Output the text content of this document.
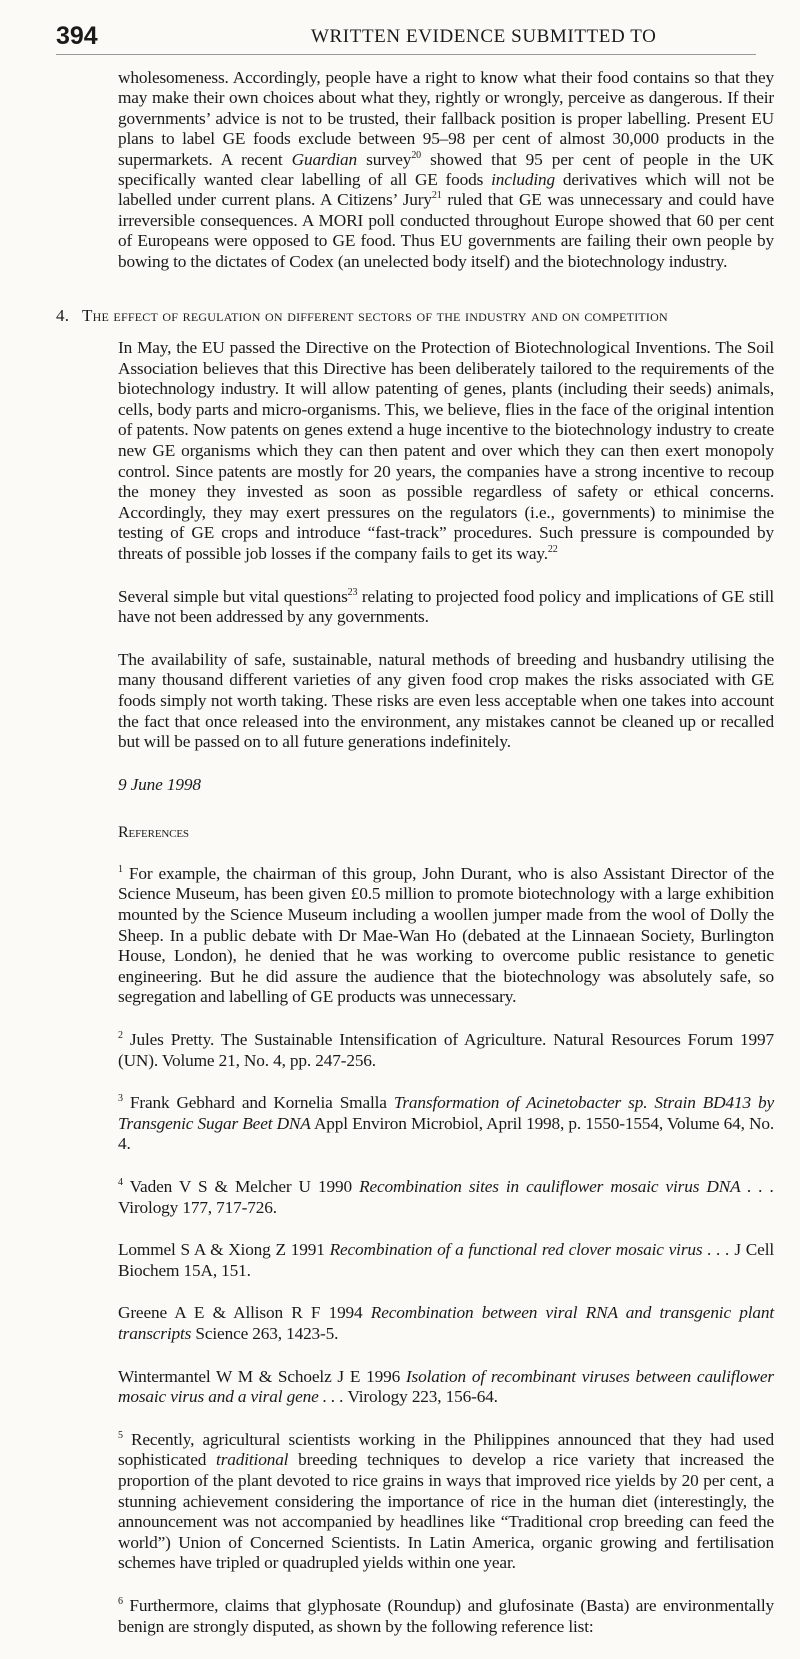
394	WRITTEN EVIDENCE SUBMITTED TO

wholesomeness. Accordingly, people have a right to know what their food contains so that they may make their own choices about what they, rightly or wrongly, perceive as dangerous. If their governments’ advice is not to be trusted, their fallback position is proper labelling. Present EU plans to label GE foods exclude between 95–98 per cent of almost 30,000 products in the supermarkets. A recent Guardian survey$^{20}$ showed that 95 per cent of people in the UK specifically wanted clear labelling of all GE foods including derivatives which will not be labelled under current plans. A Citizens’ Jury$^{21}$ ruled that GE was unnecessary and could have irreversible consequences. A MORI poll conducted throughout Europe showed that 60 per cent of Europeans were opposed to GE food. Thus EU governments are failing their own people by bowing to the dictates of Codex (an unelected body itself) and the biotechnology industry.

4. The effect of regulation on different sectors of the industry and on competition

In May, the EU passed the Directive on the Protection of Biotechnological Inventions. The Soil Association believes that this Directive has been deliberately tailored to the requirements of the biotechnology industry. It will allow patenting of genes, plants (including their seeds) animals, cells, body parts and micro-organisms. This, we believe, flies in the face of the original intention of patents. Now patents on genes extend a huge incentive to the biotechnology industry to create new GE organisms which they can then patent and over which they can then exert monopoly control. Since patents are mostly for 20 years, the companies have a strong incentive to recoup the money they invested as soon as possible regardless of safety or ethical concerns. Accordingly, they may exert pressures on the regulators (i.e., governments) to minimise the testing of GE crops and introduce “fast-track” procedures. Such pressure is compounded by threats of possible job losses if the company fails to get its way.$^{22}$

Several simple but vital questions$^{23}$ relating to projected food policy and implications of GE still have not been addressed by any governments.

The availability of safe, sustainable, natural methods of breeding and husbandry utilising the many thousand different varieties of any given food crop makes the risks associated with GE foods simply not worth taking. These risks are even less acceptable when one takes into account the fact that once released into the environment, any mistakes cannot be cleaned up or recalled but will be passed on to all future generations indefinitely.

9 June 1998

References

$^1$ For example, the chairman of this group, John Durant, who is also Assistant Director of the Science Museum, has been given £0.5 million to promote biotechnology with a large exhibition mounted by the Science Museum including a woollen jumper made from the wool of Dolly the Sheep. In a public debate with Dr Mae-Wan Ho (debated at the Linnaean Society, Burlington House, London), he denied that he was working to overcome public resistance to genetic engineering. But he did assure the audience that the biotechnology was absolutely safe, so segregation and labelling of GE products was unnecessary.

$^2$ Jules Pretty. The Sustainable Intensification of Agriculture. Natural Resources Forum 1997 (UN). Volume 21, No. 4, pp. 247-256.

$^3$ Frank Gebhard and Kornelia Smalla Transformation of Acinetobacter sp. Strain BD413 by Transgenic Sugar Beet DNA Appl Environ Microbiol, April 1998, p. 1550-1554, Volume 64, No. 4.

$^4$ Vaden V S & Melcher U 1990 Recombination sites in cauliflower mosaic virus DNA . . . Virology 177, 717-726.

Lommel S A & Xiong Z 1991 Recombination of a functional red clover mosaic virus . . . J Cell Biochem 15A, 151.

Greene A E & Allison R F 1994 Recombination between viral RNA and transgenic plant transcripts Science 263, 1423-5.

Wintermantel W M & Schoelz J E 1996 Isolation of recombinant viruses between cauliflower mosaic virus and a viral gene . . . Virology 223, 156-64.

$^5$ Recently, agricultural scientists working in the Philippines announced that they had used sophisticated traditional breeding techniques to develop a rice variety that increased the proportion of the plant devoted to rice grains in ways that improved rice yields by 20 per cent, a stunning achievement considering the importance of rice in the human diet (interestingly, the announcement was not accompanied by headlines like “Traditional crop breeding can feed the world”) Union of Concerned Scientists. In Latin America, organic growing and fertilisation schemes have tripled or quadrupled yields within one year.

$^6$ Furthermore, claims that glyphosate (Roundup) and glufosinate (Basta) are environmentally benign are strongly disputed, as shown by the following reference list:
